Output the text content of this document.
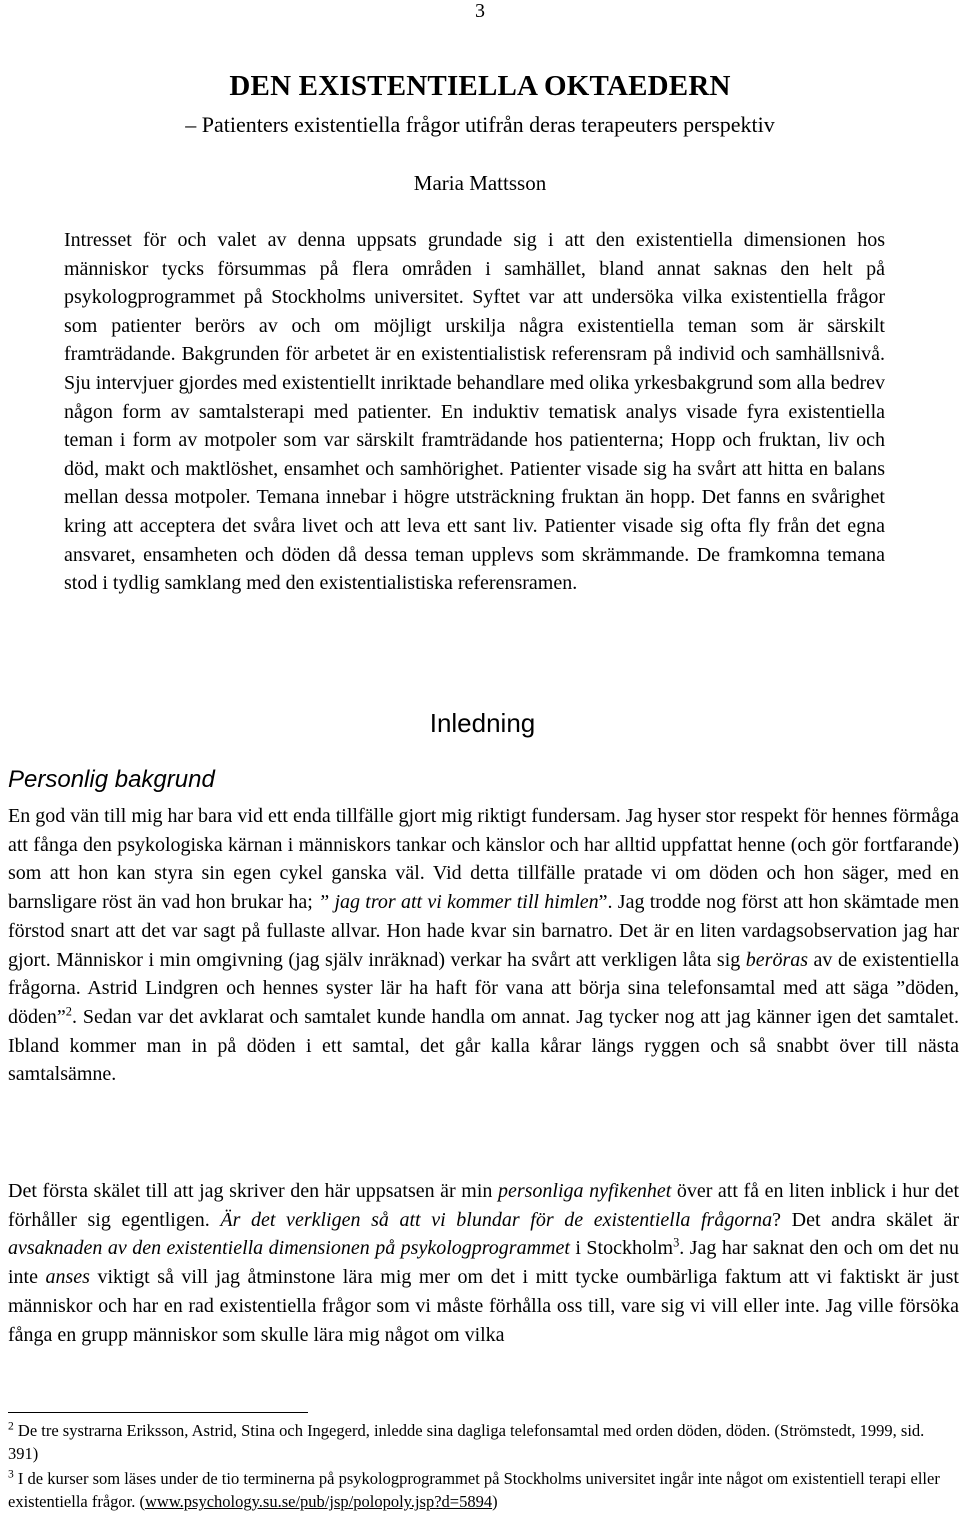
3
DEN EXISTENTIELLA OKTAEDERN
– Patienters existentiella frågor utifrån deras terapeuters perspektiv
Maria Mattsson
Intresset för och valet av denna uppsats grundade sig i att den existentiella dimensionen hos människor tycks försummas på flera områden i samhället, bland annat saknas den helt på psykologprogrammet på Stockholms universitet. Syftet var att undersöka vilka existentiella frågor som patienter berörs av och om möjligt urskilja några existentiella teman som är särskilt framträdande. Bakgrunden för arbetet är en existentialistisk referensram på individ och samhällsnivå. Sju intervjuer gjordes med existentiellt inriktade behandlare med olika yrkesbakgrund som alla bedrev någon form av samtalsterapi med patienter. En induktiv tematisk analys visade fyra existentiella teman i form av motpoler som var särskilt framträdande hos patienterna; Hopp och fruktan, liv och död, makt och maktlöshet, ensamhet och samhörighet. Patienter visade sig ha svårt att hitta en balans mellan dessa motpoler. Temana innebar i högre utsträckning fruktan än hopp. Det fanns en svårighet kring att acceptera det svåra livet och att leva ett sant liv. Patienter visade sig ofta fly från det egna ansvaret, ensamheten och döden då dessa teman upplevs som skrämmande. De framkomna temana stod i tydlig samklang med den existentialistiska referensramen.
Inledning
Personlig bakgrund
En god vän till mig har bara vid ett enda tillfälle gjort mig riktigt fundersam. Jag hyser stor respekt för hennes förmåga att fånga den psykologiska kärnan i människors tankar och känslor och har alltid uppfattat henne (och gör fortfarande) som att hon kan styra sin egen cykel ganska väl. Vid detta tillfälle pratade vi om döden och hon säger, med en barnsligare röst än vad hon brukar ha; ” jag tror att vi kommer till himlen”. Jag trodde nog först att hon skämtade men förstod snart att det var sagt på fullaste allvar. Hon hade kvar sin barnatro. Det är en liten vardagsobservation jag har gjort. Människor i min omgivning (jag själv inräknad) verkar ha svårt att verkligen låta sig beröras av de existentiella frågorna. Astrid Lindgren och hennes syster lär ha haft för vana att börja sina telefonsamtal med att säga ”döden, döden”$^2$. Sedan var det avklarat och samtalet kunde handla om annat. Jag tycker nog att jag känner igen det samtalet. Ibland kommer man in på döden i ett samtal, det går kalla kårar längs ryggen och så snabbt över till nästa samtalsämne.
Det första skälet till att jag skriver den här uppsatsen är min personliga nyfikenhet över att få en liten inblick i hur det förhåller sig egentligen. Är det verkligen så att vi blundar för de existentiella frågorna? Det andra skälet är avsaknaden av den existentiella dimensionen på psykologprogrammet i Stockholm$^3$. Jag har saknat den och om det nu inte anses viktigt så vill jag åtminstone lära mig mer om det i mitt tycke oumbärliga faktum att vi faktiskt är just människor och har en rad existentiella frågor som vi måste förhålla oss till, vare sig vi vill eller inte. Jag ville försöka fånga en grupp människor som skulle lära mig något om vilka

$^2$ De tre systrarna Eriksson, Astrid, Stina och Ingegerd, inledde sina dagliga telefonsamtal med orden döden, döden. (Strömstedt, 1999, sid. 391)

$^3$ I de kurser som läses under de tio terminerna på psykologprogrammet på Stockholms universitet ingår inte något om existentiell terapi eller existentiella frågor. (www.psychology.su.se/pub/jsp/polopoly.jsp?d=5894)
